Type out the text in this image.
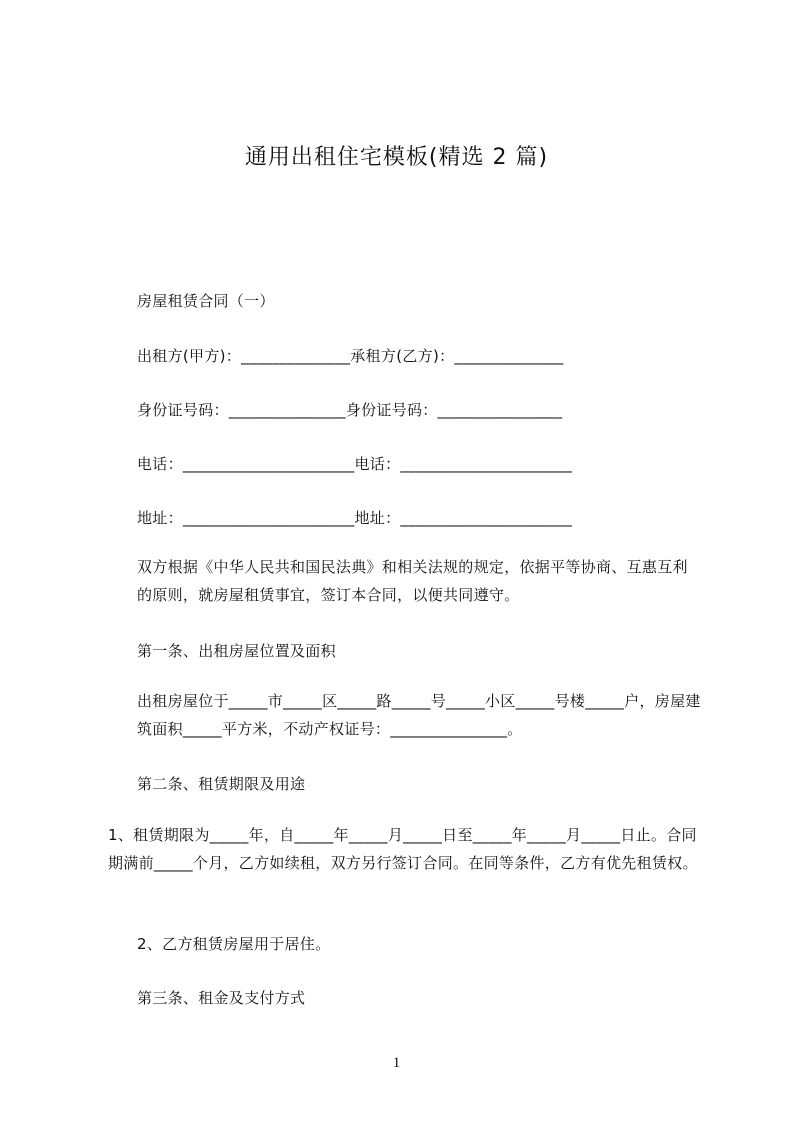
通用出租住宅模板(精选 2 篇)
房屋租赁合同（一）
出租方(甲方)：______________承租方(乙方)：______________
身份证号码：_______________身份证号码：________________
电话：______________________电话：______________________
地址：______________________地址：______________________
双方根据《中华人民共和国民法典》和相关法规的规定，依据平等协商、互惠互利的原则，就房屋租赁事宜，签订本合同，以便共同遵守。
第一条、出租房屋位置及面积
出租房屋位于_____市_____区_____路_____号_____小区_____号楼_____户，房屋建筑面积_____平方米，不动产权证号：_______________。
第二条、租赁期限及用途
1、租赁期限为_____年，自_____年_____月_____日至_____年_____月_____日止。合同期满前_____个月，乙方如续租，双方另行签订合同。在同等条件，乙方有优先租赁权。
2、乙方租赁房屋用于居住。
第三条、租金及支付方式
1
